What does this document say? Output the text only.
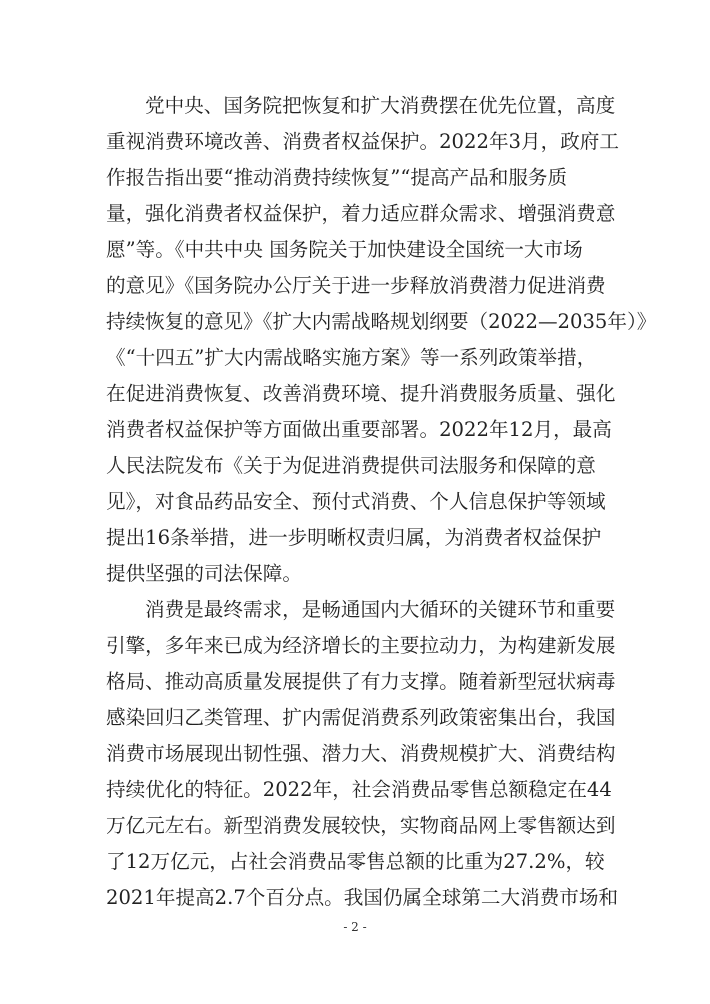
党中央、国务院把恢复和扩大消费摆在优先位置，高度
重视消费环境改善、消费者权益保护。2022年3月，政府工
作报告指出要“推动消费持续恢复”“提高产品和服务质
量，强化消费者权益保护，着力适应群众需求、增强消费意
愿”等。《中共中央 国务院关于加快建设全国统一大市场
的意见》《国务院办公厅关于进一步释放消费潜力促进消费
持续恢复的意见》《扩大内需战略规划纲要（2022—2035年）》
《“十四五”扩大内需战略实施方案》等一系列政策举措，
在促进消费恢复、改善消费环境、提升消费服务质量、强化
消费者权益保护等方面做出重要部署。2022年12月，最高
人民法院发布《关于为促进消费提供司法服务和保障的意
见》，对食品药品安全、预付式消费、个人信息保护等领域
提出16条举措，进一步明晰权责归属，为消费者权益保护
提供坚强的司法保障。
消费是最终需求，是畅通国内大循环的关键环节和重要
引擎，多年来已成为经济增长的主要拉动力，为构建新发展
格局、推动高质量发展提供了有力支撑。随着新型冠状病毒
感染回归乙类管理、扩内需促消费系列政策密集出台，我国
消费市场展现出韧性强、潜力大、消费规模扩大、消费结构
持续优化的特征。2022年，社会消费品零售总额稳定在44
万亿元左右。新型消费发展较快，实物商品网上零售额达到
了12万亿元，占社会消费品零售总额的比重为27.2%，较
2021年提高2.7个百分点。我国仍属全球第二大消费市场和
- 2 -
